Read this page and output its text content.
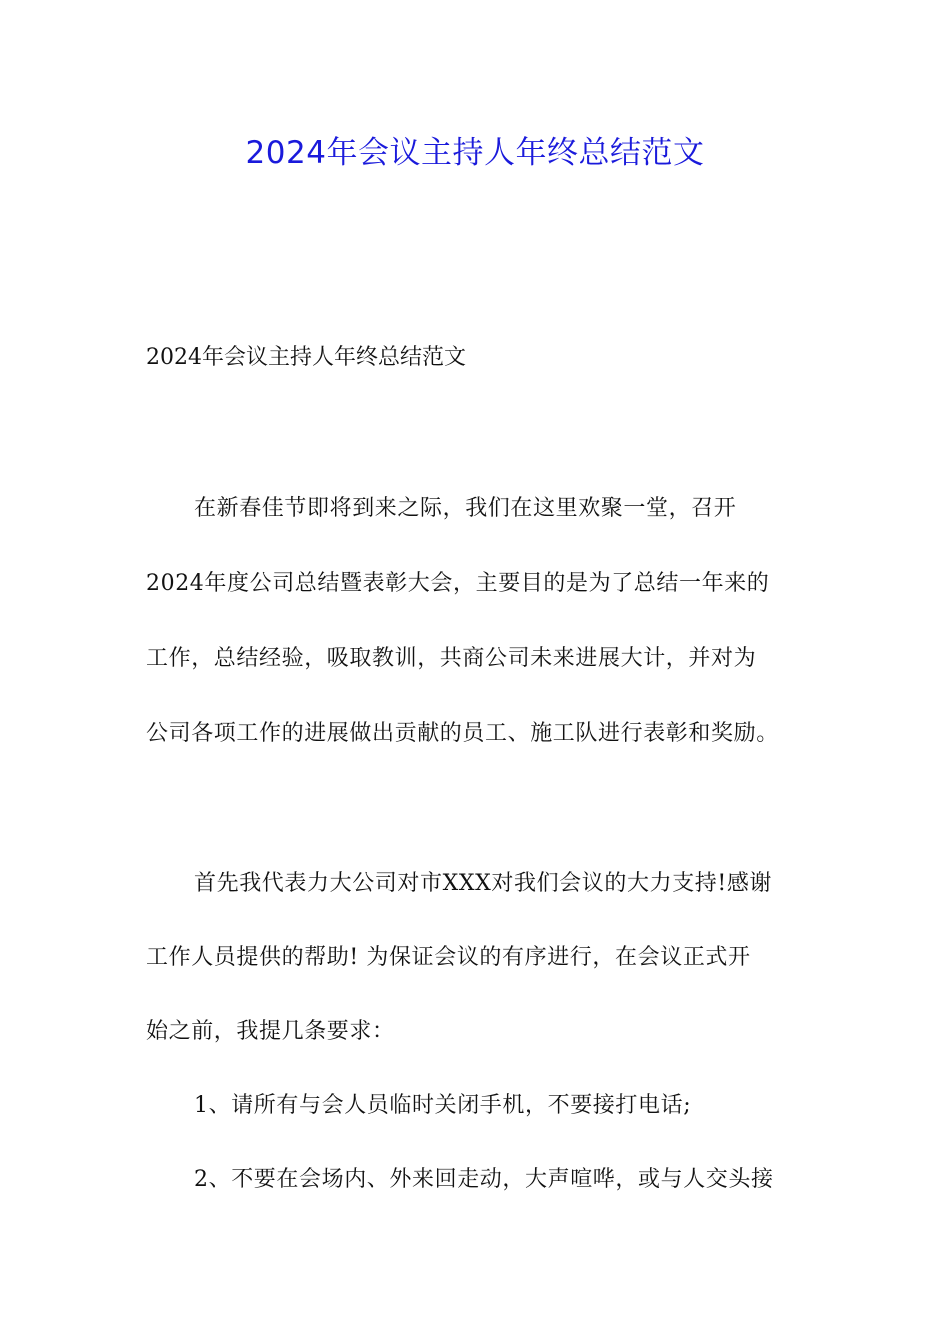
2024年会议主持人年终总结范文
2024年会议主持人年终总结范文
在新春佳节即将到来之际，我们在这里欢聚一堂，召开
2024年度公司总结暨表彰大会，主要目的是为了总结一年来的
工作，总结经验，吸取教训，共商公司未来进展大计，并对为
公司各项工作的进展做出贡献的员工、施工队进行表彰和奖励。
首先我代表力大公司对市XXX对我们会议的大力支持!感谢
工作人员提供的帮助! 为保证会议的有序进行，在会议正式开
始之前，我提几条要求：
1、请所有与会人员临时关闭手机，不要接打电话;
2、不要在会场内、外来回走动，大声喧哗，或与人交头接
